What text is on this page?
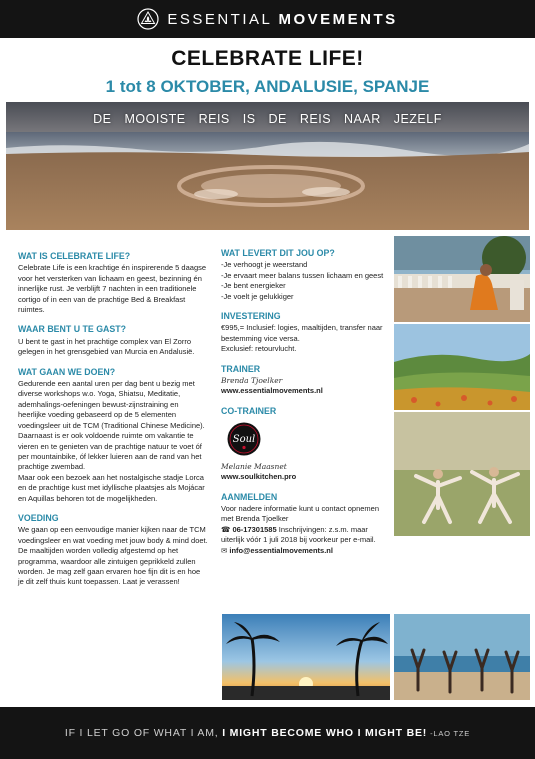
ESSENTIAL MOVEMENTS
CELEBRATE LIFE!
1 tot 8 OKTOBER, ANDALUSIE, SPANJE
DE MOOISTE REIS IS DE REIS NAAR JEZELF
WAT IS CELEBRATE LIFE?

Celebrate Life is een krachtige én inspirerende 5 daagse voor het versterken van lichaam en geest, bezinning én innerlijke rust. Je verblijft 7 nachten in een traditionele cortigo of in een van de prachtige Bed & Breakfast ruimtes.

WAAR BENT U TE GAST?

U bent te gast in het prachtige complex van El Zorro gelegen in het grensgebied van Murcia en Andalusië.

WAT GAAN WE DOEN?

Gedurende een aantal uren per dag bent u bezig met diverse workshops w.o. Yoga, Shiatsu, Meditatie, ademhalings-oefeningen bewust-zijnstraining en heerlijke voeding gebaseerd op de 5 elementen voedingsleer uit de TCM (Traditional Chinese Medicine). Daarnaast is er ook voldoende ruimte om vakantie te vieren en te genieten van de prachtige natuur te voet óf per mountainbike, óf lekker luieren aan de rand van het prachtige zwembad.

Maar ook een bezoek aan het nostalgische stadje Lorca en de prachtige kust met idyllische plaatsjes als Mojácar en Aquillas behoren tot de mogelijkheden.

VOEDING

We gaan op een eenvoudige manier kijken naar de TCM voedingsleer en wat voeding met jouw body & mind doet. De maaltijden worden volledig afgestemd op het programma, waardoor alle zintuigen geprikkeld zullen worden. Je mag zelf gaan ervaren hoe fijn dit is en hoe je dit zelf thuis kunt toepassen. Laat je verassen!

WAT LEVERT DIT JOU OP?
-Je verhoogt je weerstand
-Je ervaart meer balans tussen lichaam en geest
-Je bent energieker
-Je voelt je gelukkiger
INVESTERING
€995,= Inclusief: logies, maaltijden, transfer naar bestemming vice versa.
Exclusief: retourvlucht.
TRAINER
Brenda Tjoelker
www.essentialmovements.nl
CO-TRAINER
Soul
Melanie Maasnet
www.soulkitchen.pro
AANMELDEN
Voor nadere informatie kunt u contact opnemen met Brenda Tjoelker
☎ 06-17301585 Inschrijvingen: z.s.m. maar uiterlijk vóór 1 juli 2018 bij voorkeur per e-mail.
✉ info@essentialmovements.nl
IF I LET GO OF WHAT I AM, I MIGHT BECOME WHO I MIGHT BE! -LAO TZE
